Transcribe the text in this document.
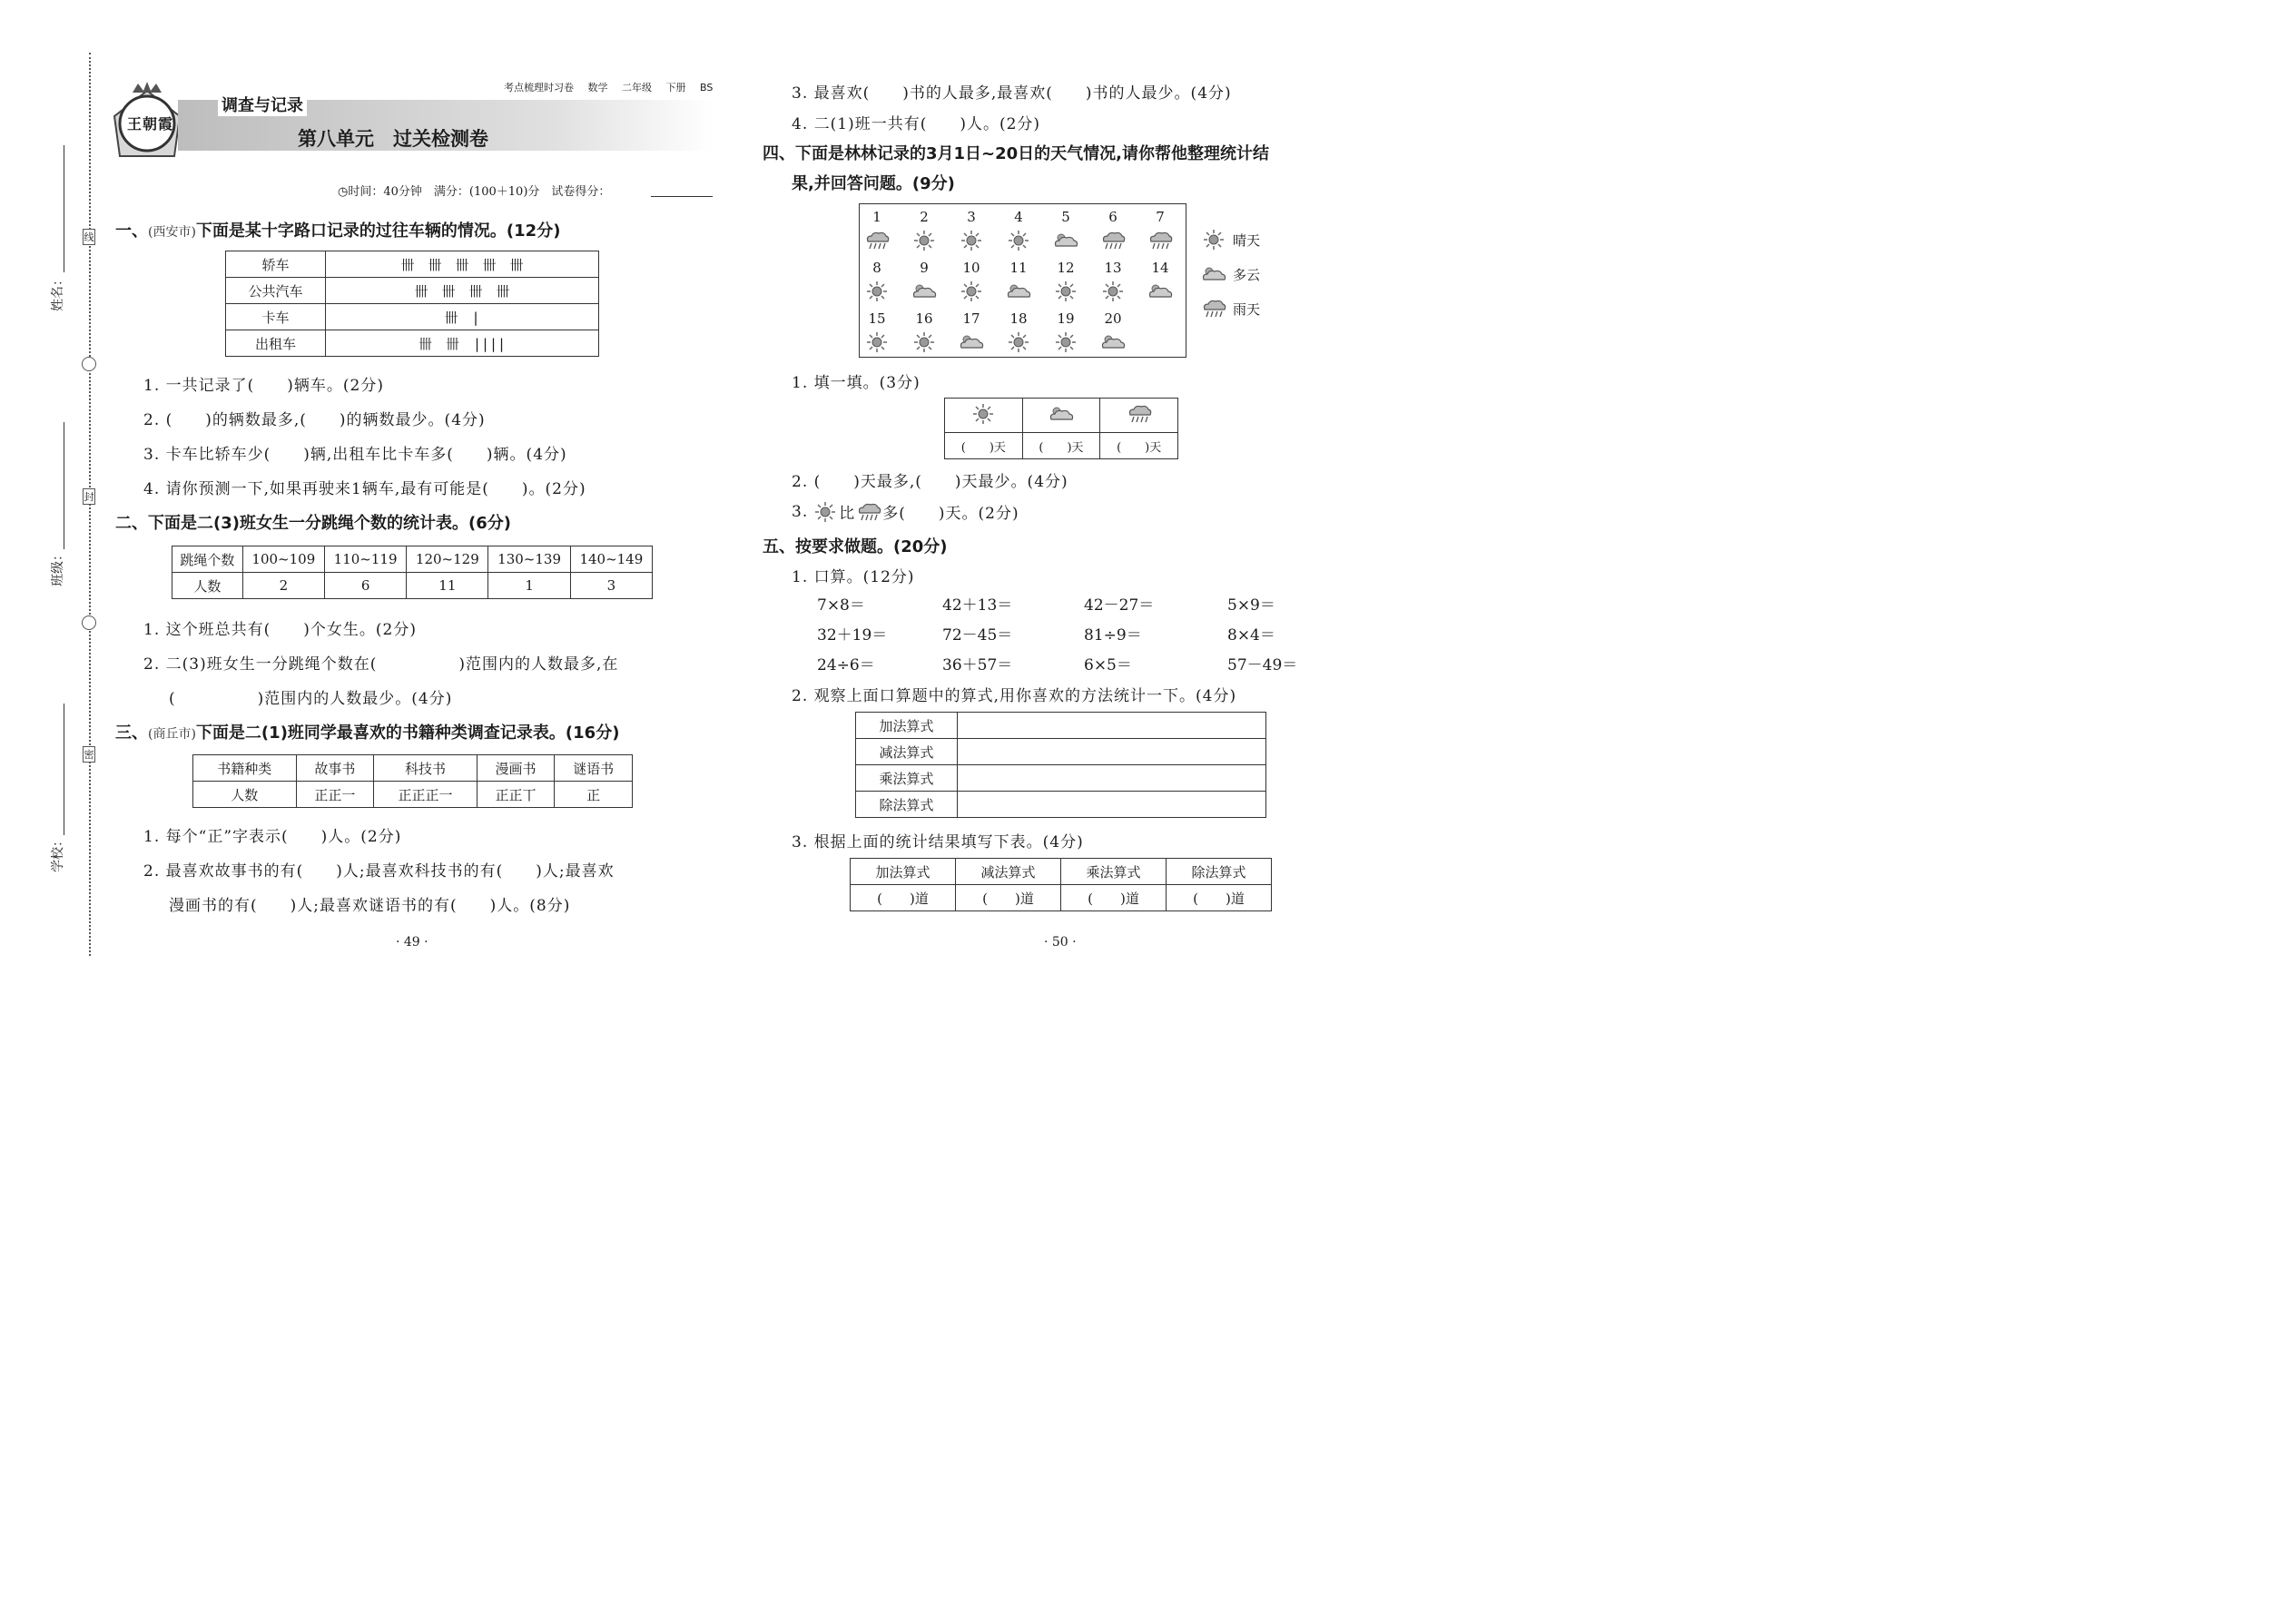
姓名：
班级：
学校：
线
封
密
王朝霞
考点梳理时习卷 数学 二年级 下册 BS
调查与记录
第八单元　过关检测卷
◷时间：40分钟　满分：(100＋10)分　试卷得分：
一、(西安市)下面是某十字路口记录的过往车辆的情况。(12分)
轿车	卌　卌　卌　卌　卌
公共汽车	卌　卌　卌　卌
卡车	卌　|
出租车	卌　卌　||||
1. 一共记录了(　　)辆车。(2分)
2. (　　)的辆数最多,(　　)的辆数最少。(4分)
3. 卡车比轿车少(　　)辆,出租车比卡车多(　　)辆。(4分)
4. 请你预测一下,如果再驶来1辆车,最有可能是(　　)。(2分)
二、下面是二(3)班女生一分跳绳个数的统计表。(6分)
跳绳个数	100~109	110~119	120~129	130~139	140~149
人数	2	6	11	1	3
1. 这个班总共有(　　)个女生。(2分)
2. 二(3)班女生一分跳绳个数在(　　　　　)范围内的人数最多,在
(　　　　　)范围内的人数最少。(4分)
三、(商丘市)下面是二(1)班同学最喜欢的书籍种类调查记录表。(16分)
书籍种类	故事书	科技书	漫画书	谜语书
人数	正正一	正正正一	正正丅	正
1. 每个“正”字表示(　　)人。(2分)
2. 最喜欢故事书的有(　　)人;最喜欢科技书的有(　　)人;最喜欢
漫画书的有(　　)人;最喜欢谜语书的有(　　)人。(8分)
· 49 ·
3. 最喜欢(　　)书的人最多,最喜欢(　　)书的人最少。(4分)
4. 二(1)班一共有(　　)人。(2分)
四、下面是林林记录的3月1日~20日的天气情况,请你帮他整理统计结
果,并回答问题。(9分)
1	2	3	4	5	6	7
8	9	10	11	12	13	14
15	16	17	18	19	20
晴天
多云
雨天
1. 填一填。(3分)

(　　)天	(　　)天	(　　)天
2. (　　)天最多,(　　)天最少。(4分)
3. 比 多(　　)天。(2分)
五、按要求做题。(20分)
1. 口算。(12分)
7×8＝	42＋13＝	42－27＝	5×9＝
32＋19＝	72－45＝	81÷9＝	8×4＝
24÷6＝	36＋57＝	6×5＝	57－49＝
2. 观察上面口算题中的算式,用你喜欢的方法统计一下。(4分)
加法算式	
减法算式	
乘法算式	
除法算式	
3. 根据上面的统计结果填写下表。(4分)
加法算式	减法算式	乘法算式	除法算式
(　　)道	(　　)道	(　　)道	(　　)道
· 50 ·
